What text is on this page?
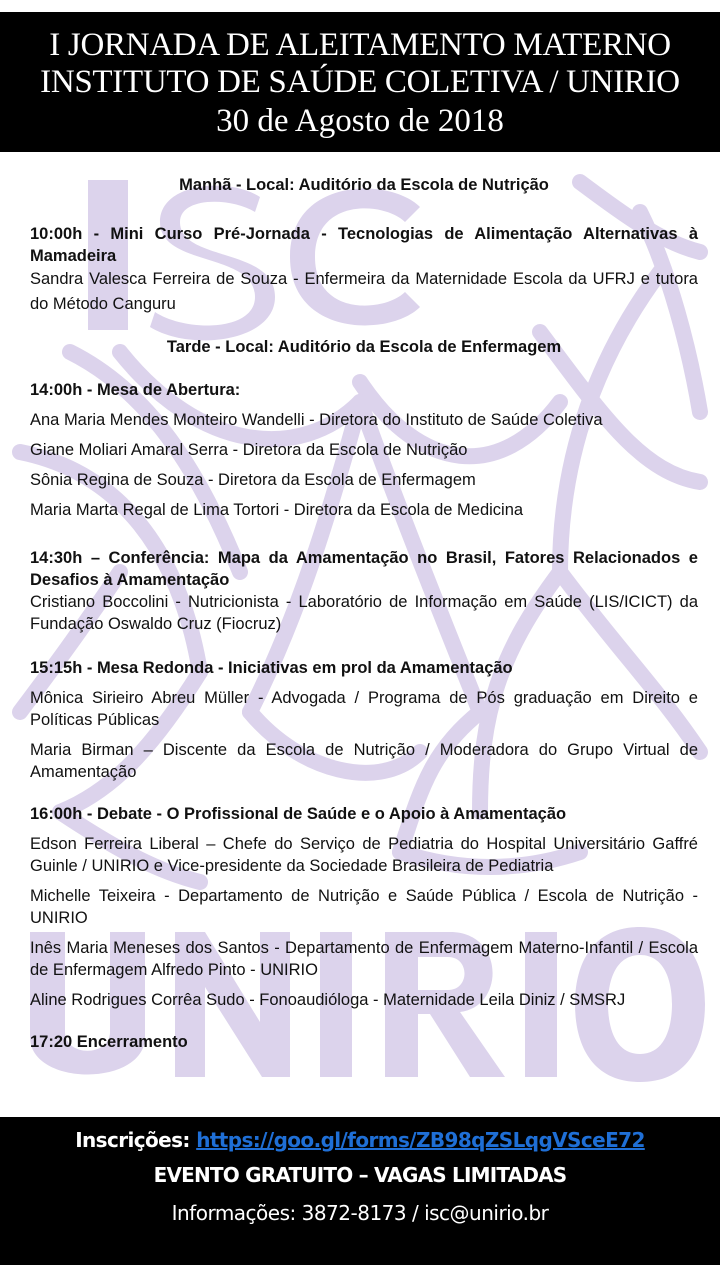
I JORNADA DE ALEITAMENTO MATERNO
INSTITUTO DE SAÚDE COLETIVA / UNIRIO
30 de Agosto de 2018
Manhã - Local: Auditório da Escola de Nutrição
10:00h - Mini Curso Pré-Jornada - Tecnologias de Alimentação Alternativas à Mamadeira
Sandra Valesca Ferreira de Souza - Enfermeira da Maternidade Escola da UFRJ e tutora do Método Canguru
Tarde - Local: Auditório da Escola de Enfermagem
14:00h - Mesa de Abertura:
Ana Maria Mendes Monteiro Wandelli - Diretora do Instituto de Saúde Coletiva
Giane Moliari Amaral Serra - Diretora da Escola de Nutrição
Sônia Regina de Souza - Diretora da Escola de Enfermagem
Maria Marta Regal de Lima Tortori - Diretora da Escola de Medicina
14:30h – Conferência: Mapa da Amamentação no Brasil, Fatores Relacionados e Desafios à Amamentação
Cristiano Boccolini - Nutricionista - Laboratório de Informação em Saúde (LIS/ICICT) da Fundação Oswaldo Cruz (Fiocruz)
15:15h - Mesa Redonda - Iniciativas em prol da Amamentação
Mônica Sirieiro Abreu Müller - Advogada / Programa de Pós graduação em Direito e Políticas Públicas
Maria Birman – Discente da Escola de Nutrição / Moderadora do Grupo Virtual de Amamentação
16:00h - Debate - O Profissional de Saúde e o Apoio à Amamentação
Edson Ferreira Liberal – Chefe do Serviço de Pediatria do Hospital Universitário Gaffré Guinle / UNIRIO e Vice-presidente da Sociedade Brasileira de Pediatria
Michelle Teixeira - Departamento de Nutrição e Saúde Pública / Escola de Nutrição - UNIRIO
Inês Maria Meneses dos Santos - Departamento de Enfermagem Materno-Infantil / Escola de Enfermagem Alfredo Pinto - UNIRIO
Aline Rodrigues Corrêa Sudo - Fonoaudióloga - Maternidade Leila Diniz / SMSRJ
17:20 Encerramento
Inscrições: https://goo.gl/forms/ZB98qZSLqgVSceE72
EVENTO GRATUITO – VAGAS LIMITADAS
Informações: 3872-8173 / isc@unirio.br
